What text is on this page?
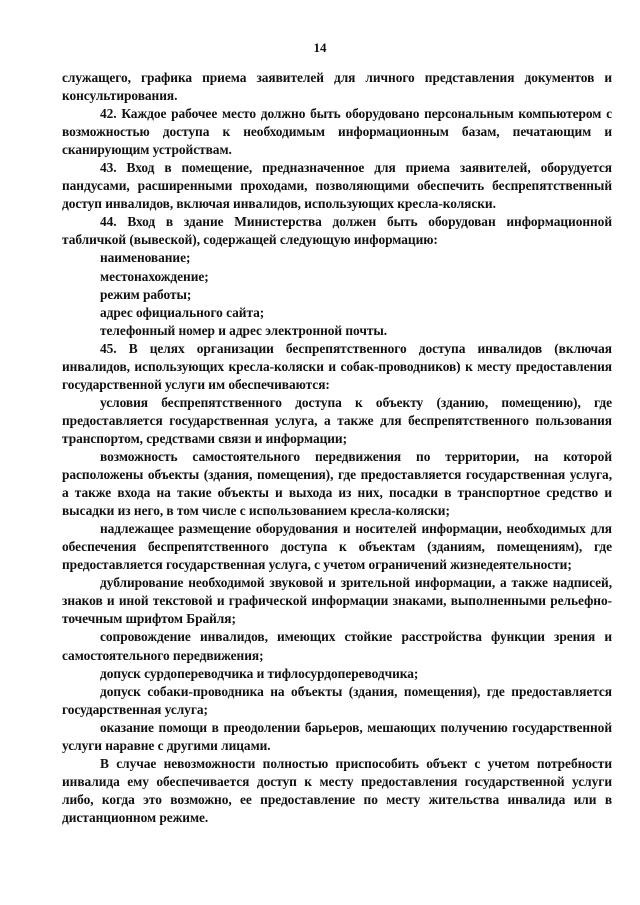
14

служащего, графика приема заявителей для личного представления документов и консультирования.

42. Каждое рабочее место должно быть оборудовано персональным компьютером с возможностью доступа к необходимым информационным базам, печатающим и сканирующим устройствам.

43. Вход в помещение, предназначенное для приема заявителей, оборудуется пандусами, расширенными проходами, позволяющими обеспечить беспрепятственный доступ инвалидов, включая инвалидов, использующих кресла-коляски.

44. Вход в здание Министерства должен быть оборудован информационной табличкой (вывеской), содержащей следующую информацию:

наименование;

местонахождение;

режим работы;

адрес официального сайта;

телефонный номер и адрес электронной почты.

45. В целях организации беспрепятственного доступа инвалидов (включая инвалидов, использующих кресла-коляски и собак-проводников) к месту предоставления государственной услуги им обеспечиваются:

условия беспрепятственного доступа к объекту (зданию, помещению), где предоставляется государственная услуга, а также для беспрепятственного пользования транспортом, средствами связи и информации;

возможность самостоятельного передвижения по территории, на которой расположены объекты (здания, помещения), где предоставляется государственная услуга, а также входа на такие объекты и выхода из них, посадки в транспортное средство и высадки из него, в том числе с использованием кресла-коляски;

надлежащее размещение оборудования и носителей информации, необходимых для обеспечения беспрепятственного доступа к объектам (зданиям, помещениям), где предоставляется государственная услуга, с учетом ограничений жизнедеятельности;

дублирование необходимой звуковой и зрительной информации, а также надписей, знаков и иной текстовой и графической информации знаками, выполненными рельефно-точечным шрифтом Брайля;

сопровождение инвалидов, имеющих стойкие расстройства функции зрения и самостоятельного передвижения;

допуск сурдопереводчика и тифлосурдопереводчика;

допуск собаки-проводника на объекты (здания, помещения), где предоставляется государственная услуга;

оказание помощи в преодолении барьеров, мешающих получению государственной услуги наравне с другими лицами.

В случае невозможности полностью приспособить объект с учетом потребности инвалида ему обеспечивается доступ к месту предоставления государственной услуги либо, когда это возможно, ее предоставление по месту жительства инвалида или в дистанционном режиме.
